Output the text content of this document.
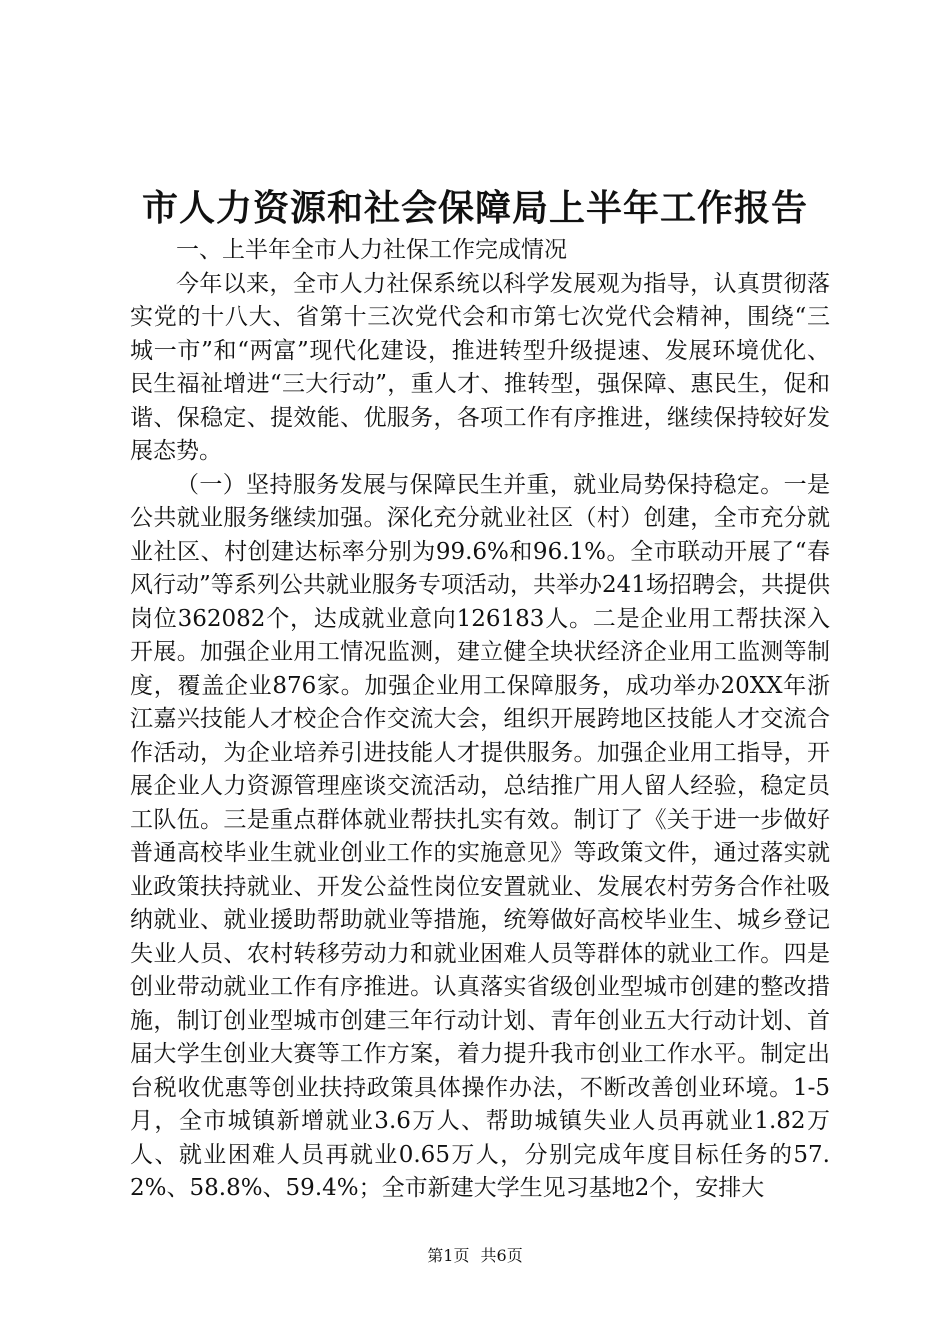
市人力资源和社会保障局上半年工作报告

一、上半年全市人力社保工作完成情况

今年以来，全市人力社保系统以科学发展观为指导，认真贯彻落实党的十八大、省第十三次党代会和市第七次党代会精神，围绕“三城一市”和“两富”现代化建设，推进转型升级提速、发展环境优化、民生福祉增进“三大行动”，重人才、推转型，强保障、惠民生，促和谐、保稳定、提效能、优服务，各项工作有序推进，继续保持较好发展态势。

（一）坚持服务发展与保障民生并重，就业局势保持稳定。一是公共就业服务继续加强。深化充分就业社区（村）创建，全市充分就业社区、村创建达标率分别为99.6%和96.1%。全市联动开展了“春风行动”等系列公共就业服务专项活动，共举办241场招聘会，共提供岗位362082个，达成就业意向126183人。二是企业用工帮扶深入开展。加强企业用工情况监测，建立健全块状经济企业用工监测等制度，覆盖企业876家。加强企业用工保障服务，成功举办20XX年浙江嘉兴技能人才校企合作交流大会，组织开展跨地区技能人才交流合作活动，为企业培养引进技能人才提供服务。加强企业用工指导，开展企业人力资源管理座谈交流活动，总结推广用人留人经验，稳定员工队伍。三是重点群体就业帮扶扎实有效。制订了《关于进一步做好普通高校毕业生就业创业工作的实施意见》等政策文件，通过落实就业政策扶持就业、开发公益性岗位安置就业、发展农村劳务合作社吸纳就业、就业援助帮助就业等措施，统筹做好高校毕业生、城乡登记失业人员、农村转移劳动力和就业困难人员等群体的就业工作。四是创业带动就业工作有序推进。认真落实省级创业型城市创建的整改措施，制订创业型城市创建三年行动计划、青年创业五大行动计划、首届大学生创业大赛等工作方案，着力提升我市创业工作水平。制定出台税收优惠等创业扶持政策具体操作办法，不断改善创业环境。1-5月，全市城镇新增就业3.6万人、帮助城镇失业人员再就业1.82万人、就业困难人员再就业0.65万人，分别完成年度目标任务的57.2%、58.8%、59.4%；全市新建大学生见习基地2个，安排大

第1页 共6页
